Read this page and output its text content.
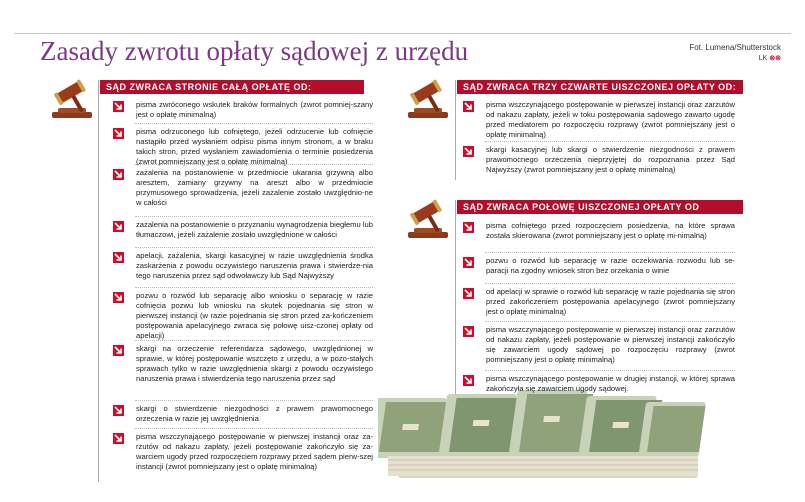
Zasady zwrotu opłaty sądowej z urzędu	Fot. Lumena/Shutterstock
LK ⊗⊗
SĄD ZWRACA STRONIE CAŁĄ OPŁATĘ OD:	SĄD ZWRACA TRZY CZWARTE UISZCZONEJ OPŁATY OD:
SĄD ZWRACA POŁOWĘ UISZCZONEJ OPŁATY OD
pisma zwróconego wskutek braków formalnych (zwrot pomniej-szany jest o opłatę minimalną)
pisma odrzuconego lub cofniętego, jeżeli odrzucenie lub cofnięcie nastąpiło przed wysłaniem odpisu pisma innym stronom, a w braku takich stron, przed wysłaniem zawiadomienia o terminie posiedzenia (zwrot pomniejszany jest o opłatę minimalną)
zażalenia na postanowienie w przedmiocie ukarania grzywną albo aresztem, zamiany grzywny na areszt albo w przedmiocie przymusowego sprowadzenia, jeżeli zażalenie zostało uwzględnio-ne w całości
zażalenia na postanowienie o przyznaniu wynagrodzenia biegłemu lub tłumaczowi, jeżeli zażalenie zostało uwzględnione w całości
apelacji, zażalenia, skargi kasacyjnej w razie uwzględnienia środka zaskarżenia z powodu oczywistego naruszenia prawa i stwierdze-nia tego naruszenia przez sąd odwoławczy lub Sąd Najwyższy
pozwu o rozwód lub separację albo wniosku o separację w razie cofnięcia pozwu lub wniosku na skutek pojednania się stron w pierwszej instancji (w razie pojednania się stron przed za-kończeniem postępowania apelacyjnego zwraca się połowę uisz-czonej opłaty od apelacji)
skargi na orzeczenie referendarza sądowego, uwzględnionej w sprawie, w której postępowanie wszczęto z urzędu, a w pozo-stałych sprawach tylko w razie uwzględnienia skargi z powodu oczywistego naruszenia prawa i stwierdzenia tego naruszenia przez sąd
skargi o stwierdzenie niezgodności z prawem prawomocnego orzeczenia w razie jej uwzględnienia
pisma wszczynającego postępowanie w pierwszej instancji oraz za-rzutów od nakazu zapłaty, jeżeli postępowanie zakończyło się za-warciem ugody przed rozpoczęciem rozprawy przed sądem pierw-szej instancji (zwrot pomniejszany jest o opłatę minimalną)
pisma wszczynającego postępowanie w pierwszej instancji oraz zarzutów od nakazu zapłaty, jeżeli w toku postępowania sądowego zawarto ugodę przed mediatorem po rozpoczęciu rozprawy (zwrot pomniejszany jest o opłatę minimalną)
skargi kasacyjnej lub skargi o stwierdzenie niezgodności z prawem prawomocnego orzeczenia nieprzyjętej do rozpoznania przez Sąd Najwyższy (zwrot pomniejszany jest o opłatę minimalną)
pisma cofniętego przed rozpoczęciem posiedzenia, na które sprawa została skierowana (zwrot pomniejszany jest o opłatę mi-nimalną)
pozwu o rozwód lub separację w razie oczekiwania rozwodu lub se-paracji na zgodny wniosek stron bez orzekania o winie
od apelacji w sprawie o rozwód lub separację w razie pojednania się stron przed zakończeniem postępowania apelacyjnego (zwrot pomniejszany jest o opłatę minimalną)
pisma wszczynającego postępowanie w pierwszej instancji oraz zarzutów od nakazu zapłaty, jeżeli postępowanie w pierwszej instancji zakończyło się zawarciem ugody sądowej po rozpoczęciu rozprawy (zwrot pomniejszany jest o opłatę minimalną)
pisma wszczynającego postępowanie w drugiej instancji, w której sprawa zakończyła się zawarciem ugody sądowej.
